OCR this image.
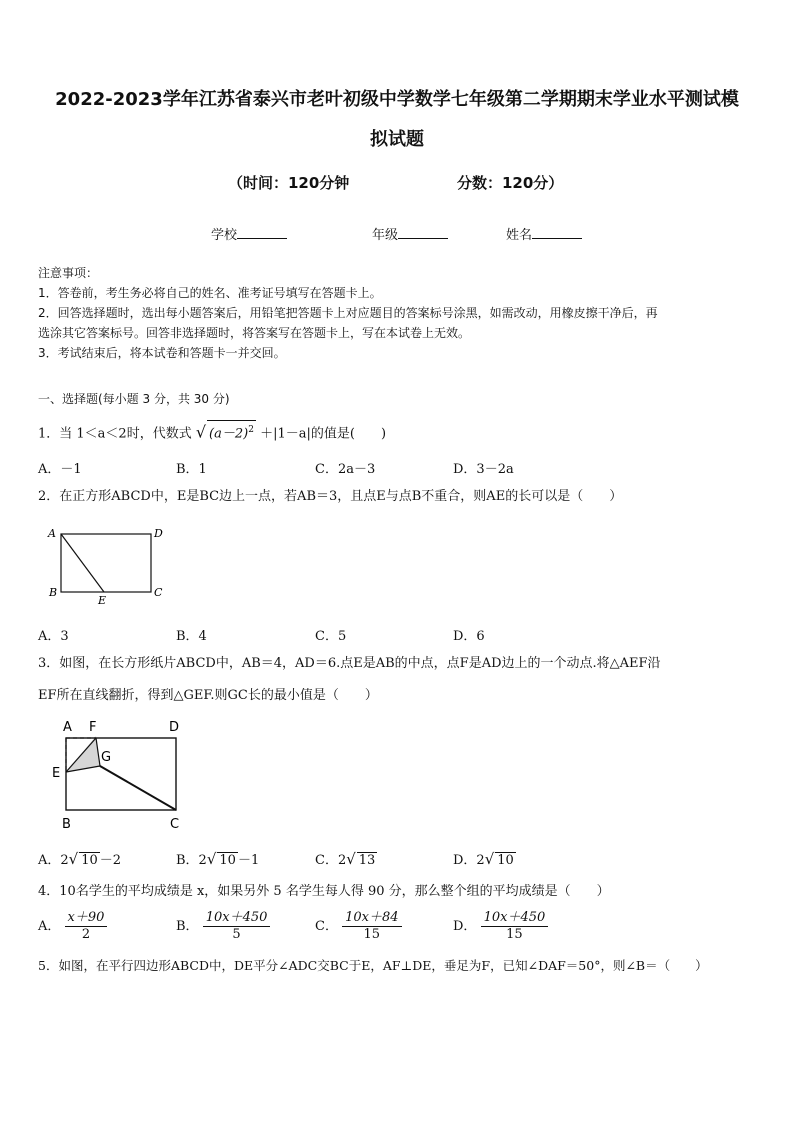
2022-2023学年江苏省泰兴市老叶初级中学数学七年级第二学期期末学业水平测试模
拟试题
（时间：120分钟	分数：120分）
学校	年级	姓名
注意事项：
1．答卷前，考生务必将自己的姓名、准考证号填写在答题卡上。
2．回答选择题时，选出每小题答案后，用铅笔把答题卡上对应题目的答案标号涂黑，如需改动，用橡皮擦干净后，再
选涂其它答案标号。回答非选择题时，将答案写在答题卡上，写在本试卷上无效。
3．考试结束后，将本试卷和答题卡一并交回。
一、选择题(每小题 3 分，共 30 分)
1．当 1＜a＜2时，代数式 √ $(a-2)^2 +|1-a|$的值是(　　)
A．－1	B．1	C．2a－3	D．3－2a
2．在正方形ABCD中，E是BC边上一点，若AB＝3，且点E与点B不重合，则AE的长可以是（　　）
A	D
B
E
C
A．3	B．4	C．5	D．6
3．如图，在长方形纸片ABCD中，AB＝4，AD＝6.点E是AB的中点，点F是AD边上的一个动点.将△AEF沿
EF所在直线翻折，得到△GEF.则GC长的最小值是（　　）
A F	D
G
E
B	C
A．2√ 10 －2	B．2√ 10 －1	C．2√ 13	D．2√ 10
4．10名学生的平均成绩是 x，如果另外 5 名学生每人得 90 分，那么整个组的平均成绩是（　　）
A． $\frac{x+90}{2}$	B． $\frac{10x+450}{5}$	C． $\frac{10x+84}{15}$	D． $\frac{10x+450}{15}$
5．如图，在平行四边形ABCD中，DE平分∠ADC交BC于E，AF⊥DE，垂足为F，已知∠DAF＝50°，则∠B＝（　　）
